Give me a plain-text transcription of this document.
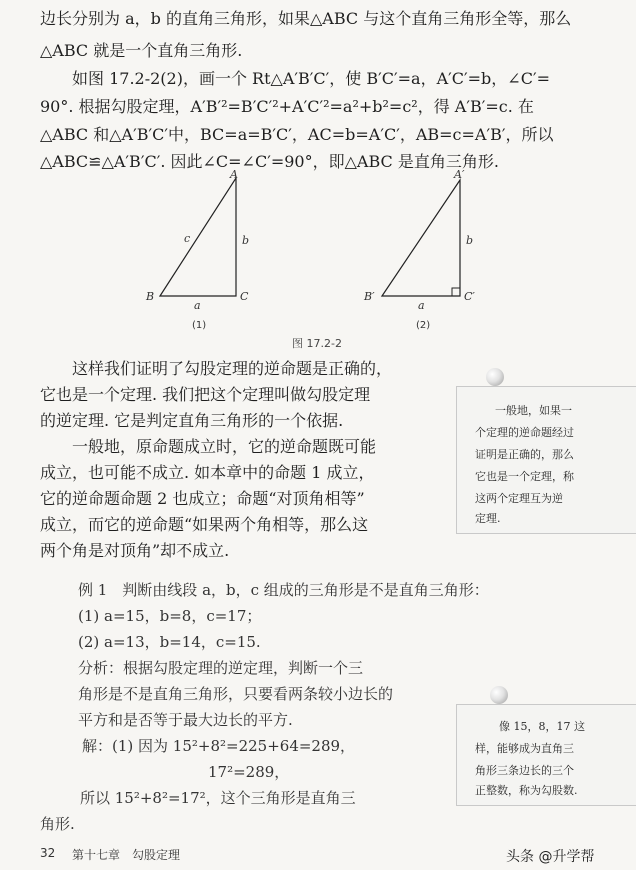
边长分别为 a，b 的直角三角形，如果△ABC 与这个直角三角形全等，那么
△ABC 就是一个直角三角形.
如图 17.2-2(2)，画一个 Rt△A′B′C′，使 B′C′=a，A′C′=b，∠C′=
90°. 根据勾股定理，A′B′²=B′C′²+A′C′²=a²+b²=c²，得 A′B′=c. 在
△ABC 和△A′B′C′中，BC=a=B′C′，AC=b=A′C′，AB=c=A′B′，所以
△ABC≌△A′B′C′. 因此∠C=∠C′=90°，即△ABC 是直角三角形.
A
B	C
a
b
c
(1)
A′
B′	C′
a
b
(2)
图 17.2-2
这样我们证明了勾股定理的逆命题是正确的，
它也是一个定理. 我们把这个定理叫做勾股定理
的逆定理. 它是判定直角三角形的一个依据.
一般地，原命题成立时，它的逆命题既可能
成立，也可能不成立. 如本章中的命题 1 成立，
它的逆命题命题 2 也成立；命题“对顶角相等”
成立，而它的逆命题“如果两个角相等，那么这
两个角是对顶角”却不成立.
一般地，如果一
个定理的逆命题经过
证明是正确的，那么
它也是一个定理，称
这两个定理互为逆
定理.
例 1　判断由线段 a，b，c 组成的三角形是不是直角三角形：
(1) a=15，b=8，c=17；
(2) a=13，b=14，c=15.
分析：根据勾股定理的逆定理，判断一个三
角形是不是直角三角形，只要看两条较小边长的
平方和是否等于最大边长的平方.
解：(1) 因为 15²+8²=225+64=289，
17²=289，
所以 15²+8²=17²，这个三角形是直角三
角形.
像 15，8，17 这
样，能够成为直角三
角形三条边长的三个
正整数，称为勾股数.
32 第十七章　勾股定理	头条 @升学帮
